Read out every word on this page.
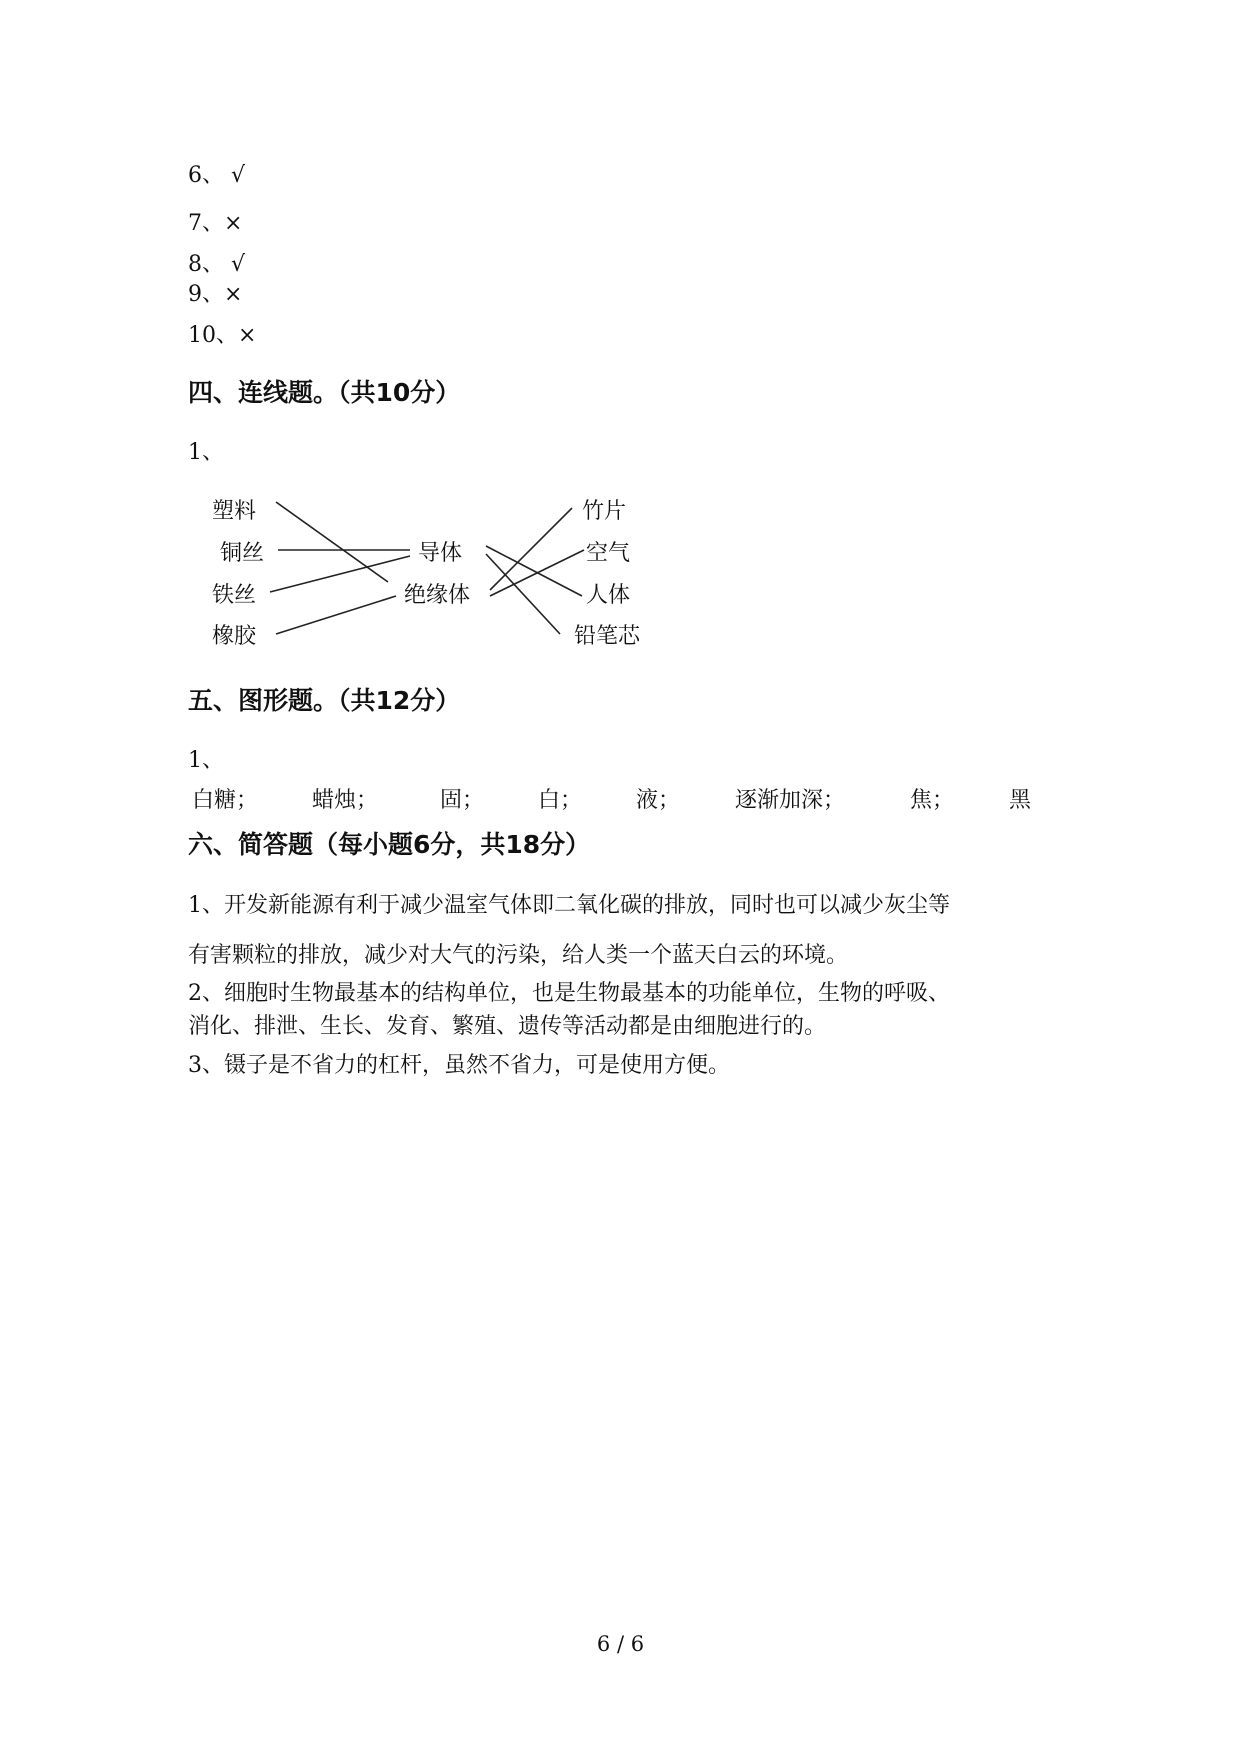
6、 √
7、×
8、 √
9、×
10、×
四、连线题。（共10分）
1、
塑料
铜丝
铁丝
橡胶
导体
绝缘体
竹片
空气
人体
铅笔芯
五、图形题。（共12分）
1、
白糖； 蜡烛；	固； 白； 液； 逐渐加深；	焦； 黑
六、简答题（每小题6分，共18分）
1、开发新能源有利于减少温室气体即二氧化碳的排放，同时也可以减少灰尘等
有害颗粒的排放，减少对大气的污染，给人类一个蓝天白云的环境。
2、细胞时生物最基本的结构单位，也是生物最基本的功能单位，生物的呼吸、
消化、排泄、生长、发育、繁殖、遗传等活动都是由细胞进行的。
3、镊子是不省力的杠杆，虽然不省力，可是使用方便。
6 / 6
